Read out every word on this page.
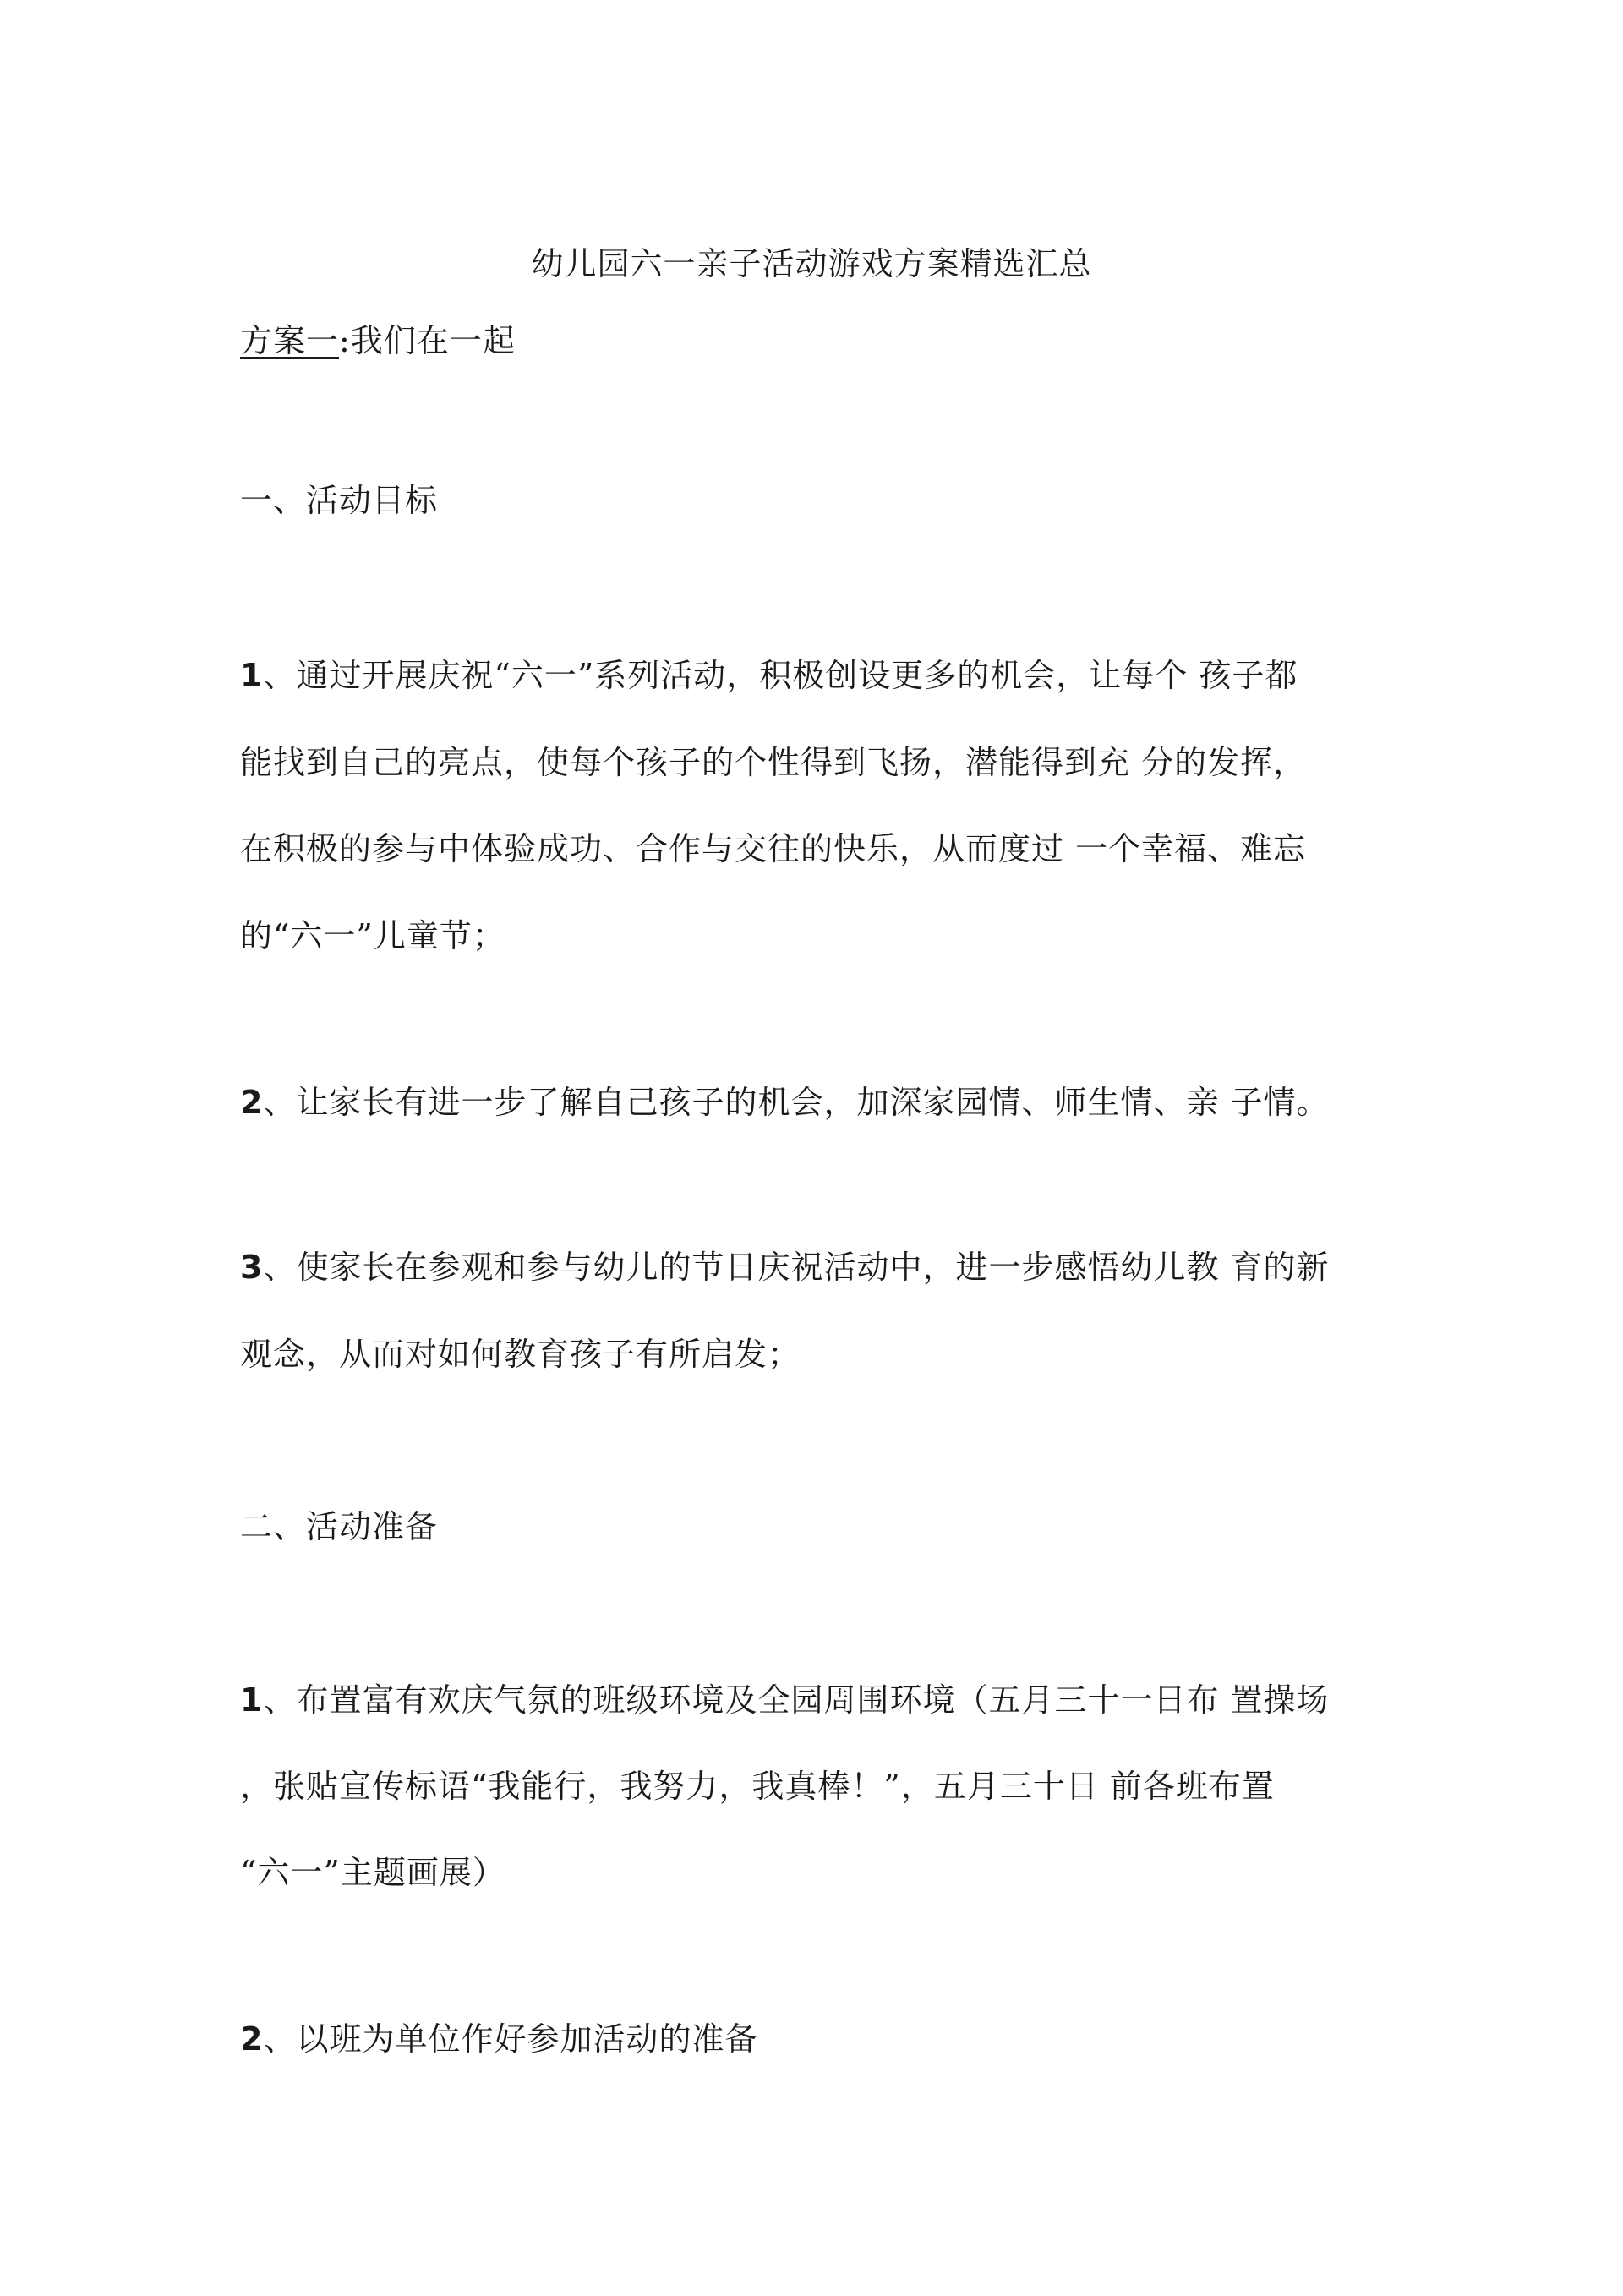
幼儿园六一亲子活动游戏方案精选汇总
方案一:我们在一起
一、活动目标
1、通过开展庆祝“六一”系列活动，积极创设更多的机会，让每个 孩子都
能找到自己的亮点，使每个孩子的个性得到飞扬，潜能得到充 分的发挥，
在积极的参与中体验成功、合作与交往的快乐，从而度过 一个幸福、难忘
的“六一”儿童节；
2、让家长有进一步了解自己孩子的机会，加深家园情、师生情、亲 子情。
3、使家长在参观和参与幼儿的节日庆祝活动中，进一步感悟幼儿教 育的新
观念，从而对如何教育孩子有所启发；
二、活动准备
1、布置富有欢庆气氛的班级环境及全园周围环境（五月三十一日布 置操场
，张贴宣传标语“我能行，我努力，我真棒！”，五月三十日 前各班布置
“六一”主题画展）
2、以班为单位作好参加活动的准备
